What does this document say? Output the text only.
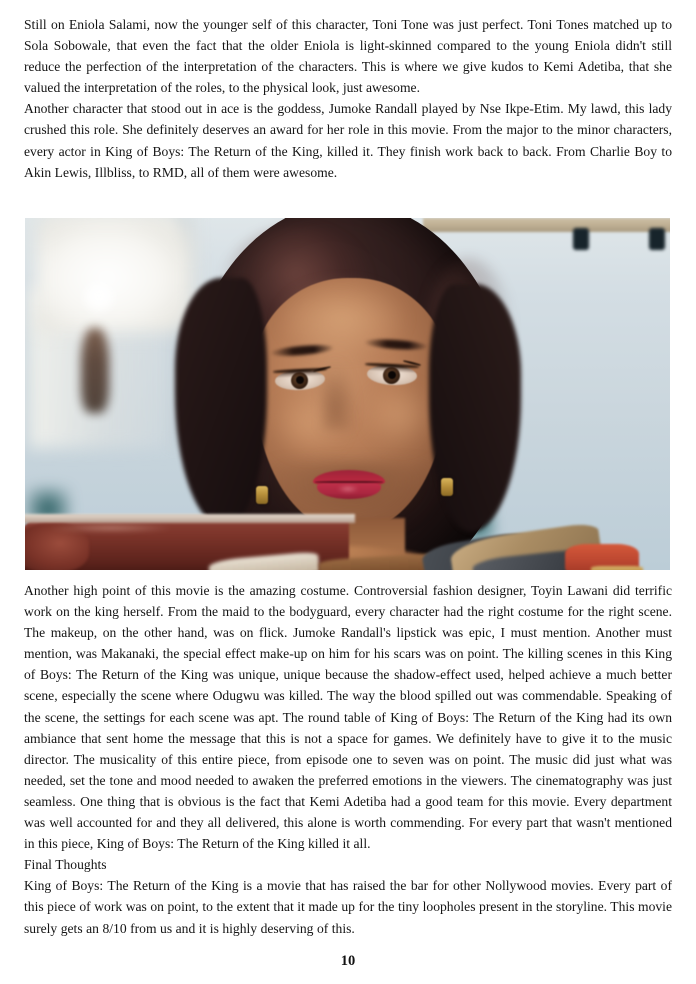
Still on Eniola Salami, now the younger self of this character, Toni Tone was just perfect. Toni Tones matched up to Sola Sobowale, that even the fact that the older Eniola is light-skinned compared to the young Eniola didn't still reduce the perfection of the interpretation of the characters. This is where we give kudos to Kemi Adetiba, that she valued the interpretation of the roles, to the physical look, just awesome.

Another character that stood out in ace is the goddess, Jumoke Randall played by Nse Ikpe-Etim. My lawd, this lady crushed this role. She definitely deserves an award for her role in this movie. From the major to the minor characters, every actor in King of Boys: The Return of the King, killed it. They finish work back to back. From Charlie Boy to Akin Lewis, Illbliss, to RMD, all of them were awesome.

Another high point of this movie is the amazing costume. Controversial fashion designer, Toyin Lawani did terrific work on the king herself. From the maid to the bodyguard, every character had the right costume for the right scene. The makeup, on the other hand, was on flick. Jumoke Randall's lipstick was epic, I must mention. Another must mention, was Makanaki, the special effect make-up on him for his scars was on point. The killing scenes in this King of Boys: The Return of the King was unique, unique because the shadow-effect used, helped achieve a much better scene, especially the scene where Odugwu was killed. The way the blood spilled out was commendable. Speaking of the scene, the settings for each scene was apt. The round table of King of Boys: The Return of the King had its own ambiance that sent home the message that this is not a space for games. We definitely have to give it to the music director. The musicality of this entire piece, from episode one to seven was on point. The music did just what was needed, set the tone and mood needed to awaken the preferred emotions in the viewers. The cinematography was just seamless. One thing that is obvious is the fact that Kemi Adetiba had a good team for this movie. Every department was well accounted for and they all delivered, this alone is worth commending. For every part that wasn't mentioned in this piece, King of Boys: The Return of the King killed it all.

Final Thoughts

King of Boys: The Return of the King is a movie that has raised the bar for other Nollywood movies. Every part of this piece of work was on point, to the extent that it made up for the tiny loopholes present in the storyline. This movie surely gets an 8/10 from us and it is highly deserving of this.

10
